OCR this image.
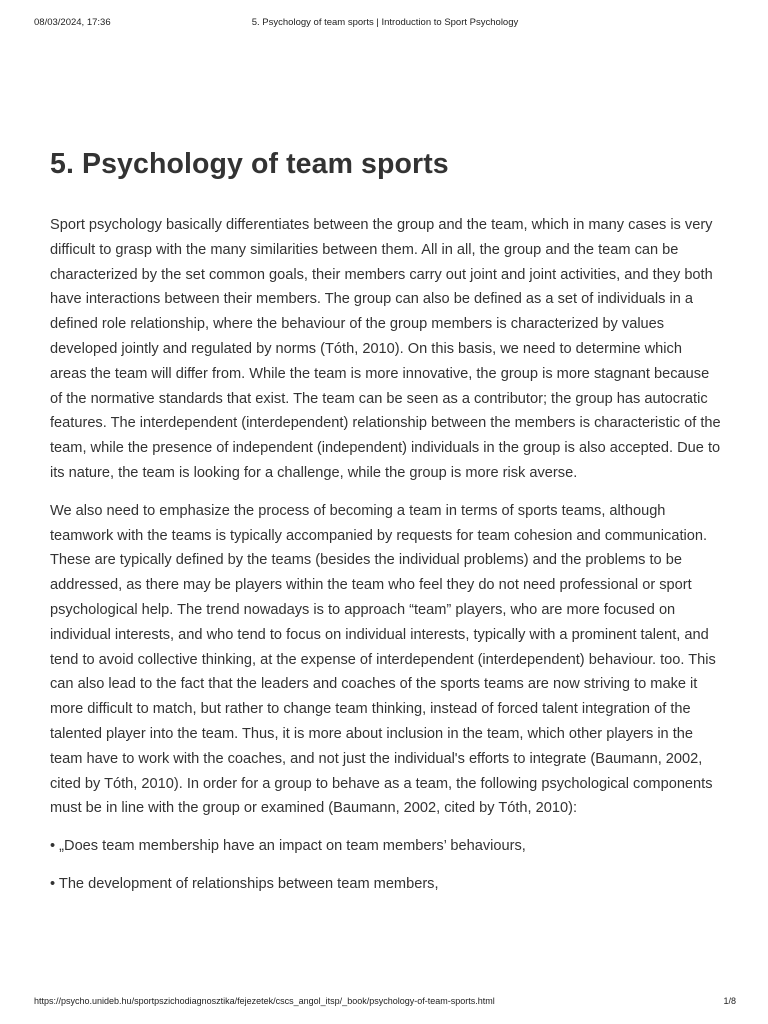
08/03/2024, 17:36	5. Psychology of team sports | Introduction to Sport Psychology
5. Psychology of team sports

Sport psychology basically differentiates between the group and the team, which in many cases is very difficult to grasp with the many similarities between them. All in all, the group and the team can be characterized by the set common goals, their members carry out joint and joint activities, and they both have interactions between their members. The group can also be defined as a set of individuals in a defined role relationship, where the behaviour of the group members is characterized by values developed jointly and regulated by norms (Tóth, 2010). On this basis, we need to determine which areas the team will differ from. While the team is more innovative, the group is more stagnant because of the normative standards that exist. The team can be seen as a contributor; the group has autocratic features. The interdependent (interdependent) relationship between the members is characteristic of the team, while the presence of independent (independent) individuals in the group is also accepted. Due to its nature, the team is looking for a challenge, while the group is more risk averse.

We also need to emphasize the process of becoming a team in terms of sports teams, although teamwork with the teams is typically accompanied by requests for team cohesion and communication. These are typically defined by the teams (besides the individual problems) and the problems to be addressed, as there may be players within the team who feel they do not need professional or sport psychological help. The trend nowadays is to approach “team” players, who are more focused on individual interests, and who tend to focus on individual interests, typically with a prominent talent, and tend to avoid collective thinking, at the expense of interdependent (interdependent) behaviour. too. This can also lead to the fact that the leaders and coaches of the sports teams are now striving to make it more difficult to match, but rather to change team thinking, instead of forced talent integration of the talented player into the team. Thus, it is more about inclusion in the team, which other players in the team have to work with the coaches, and not just the individual's efforts to integrate (Baumann, 2002, cited by Tóth, 2010). In order for a group to behave as a team, the following psychological components must be in line with the group or examined (Baumann, 2002, cited by Tóth, 2010):

• „Does team membership have an impact on team members’ behaviours,

• The development of relationships between team members,

https://psycho.unideb.hu/sportpszichodiagnosztika/fejezetek/cscs_angol_itsp/_book/psychology-of-team-sports.html	1/8
